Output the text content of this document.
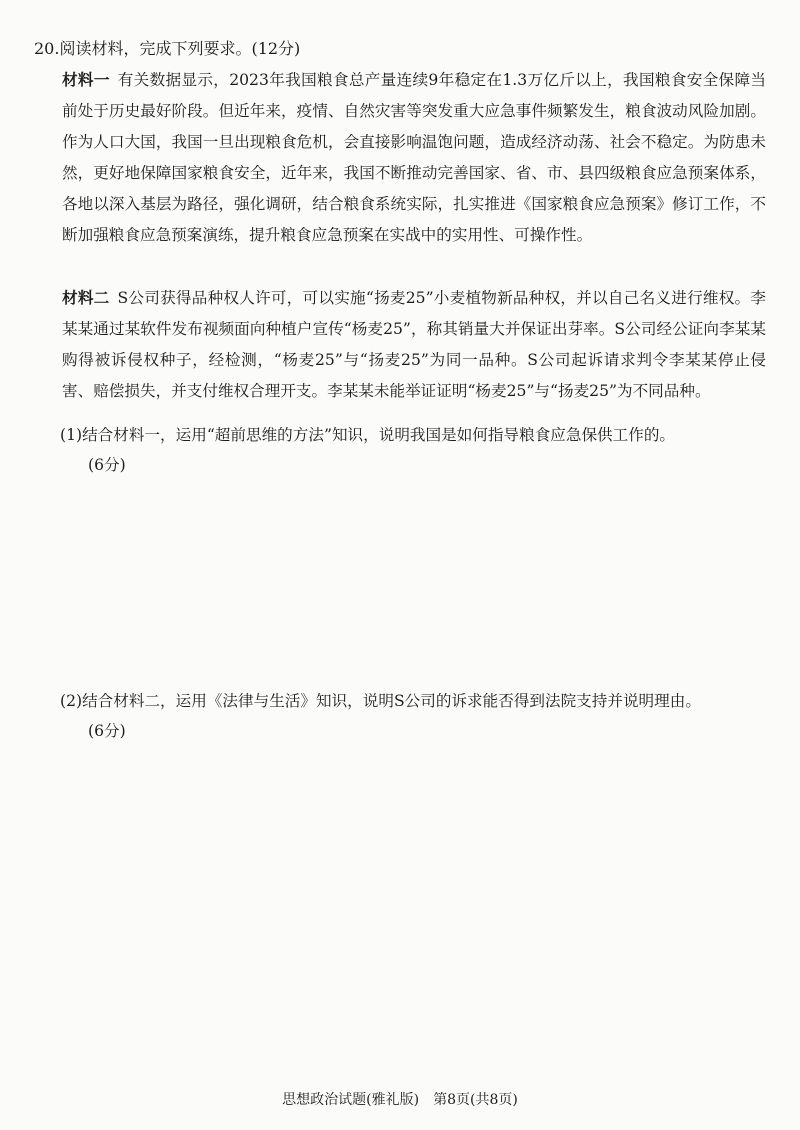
20.阅读材料，完成下列要求。(12分)
材料一 有关数据显示，2023年我国粮食总产量连续9年稳定在1.3万亿斤以上，我国粮食安全保障当前处于历史最好阶段。但近年来，疫情、自然灾害等突发重大应急事件频繁发生，粮食波动风险加剧。作为人口大国，我国一旦出现粮食危机，会直接影响温饱问题，造成经济动荡、社会不稳定。为防患未然，更好地保障国家粮食安全，近年来，我国不断推动完善国家、省、市、县四级粮食应急预案体系，各地以深入基层为路径，强化调研，结合粮食系统实际，扎实推进《国家粮食应急预案》修订工作，不断加强粮食应急预案演练，提升粮食应急预案在实战中的实用性、可操作性。
材料二 S公司获得品种权人许可，可以实施“扬麦25”小麦植物新品种权，并以自己名义进行维权。李某某通过某软件发布视频面向种植户宣传“杨麦25”，称其销量大并保证出芽率。S公司经公证向李某某购得被诉侵权种子，经检测，“杨麦25”与“扬麦25”为同一品种。S公司起诉请求判令李某某停止侵害、赔偿损失，并支付维权合理开支。李某某未能举证证明“杨麦25”与“扬麦25”为不同品种。
(1)结合材料一，运用“超前思维的方法”知识，说明我国是如何指导粮食应急保供工作的。
(6分)
(2)结合材料二，运用《法律与生活》知识，说明S公司的诉求能否得到法院支持并说明理由。
(6分)
思想政治试题(雅礼版)　第8页(共8页)
